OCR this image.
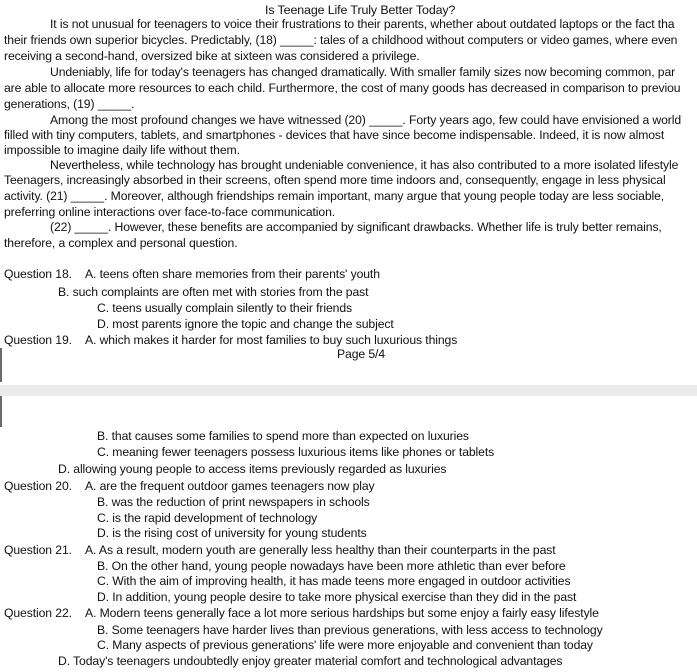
Is Teenage Life Truly Better Today?
It is not unusual for teenagers to voice their frustrations to their parents, whether about outdated laptops or the fact tha
their friends own superior bicycles. Predictably, (18) _____: tales of a childhood without computers or video games, where even
receiving a second-hand, oversized bike at sixteen was considered a privilege.
Undeniably, life for today's teenagers has changed dramatically. With smaller family sizes now becoming common, par
are able to allocate more resources to each child. Furthermore, the cost of many goods has decreased in comparison to previou
generations, (19) _____.
Among the most profound changes we have witnessed (20) _____. Forty years ago, few could have envisioned a world
filled with tiny computers, tablets, and smartphones - devices that have since become indispensable. Indeed, it is now almost
impossible to imagine daily life without them.
Nevertheless, while technology has brought undeniable convenience, it has also contributed to a more isolated lifestyle
Teenagers, increasingly absorbed in their screens, often spend more time indoors and, consequently, engage in less physical
activity. (21) _____. Moreover, although friendships remain important, many argue that young people today are less sociable,
preferring online interactions over face-to-face communication.
(22) _____. However, these benefits are accompanied by significant drawbacks. Whether life is truly better remains,
therefore, a complex and personal question.
Question 18. A. teens often share memories from their parents' youth
B. such complaints are often met with stories from the past
C. teens usually complain silently to their friends
D. most parents ignore the topic and change the subject
Question 19. A. which makes it harder for most families to buy such luxurious things
Page 5/4
B. that causes some families to spend more than expected on luxuries
C. meaning fewer teenagers possess luxurious items like phones or tablets
D. allowing young people to access items previously regarded as luxuries
Question 20. A. are the frequent outdoor games teenagers now play
B. was the reduction of print newspapers in schools
C. is the rapid development of technology
D. is the rising cost of university for young students
Question 21. A. As a result, modern youth are generally less healthy than their counterparts in the past
B. On the other hand, young people nowadays have been more athletic than ever before
C. With the aim of improving health, it has made teens more engaged in outdoor activities
D. In addition, young people desire to take more physical exercise than they did in the past
Question 22. A. Modern teens generally face a lot more serious hardships but some enjoy a fairly easy lifestyle
B. Some teenagers have harder lives than previous generations, with less access to technology
C. Many aspects of previous generations' life were more enjoyable and convenient than today
D. Today's teenagers undoubtedly enjoy greater material comfort and technological advantages
